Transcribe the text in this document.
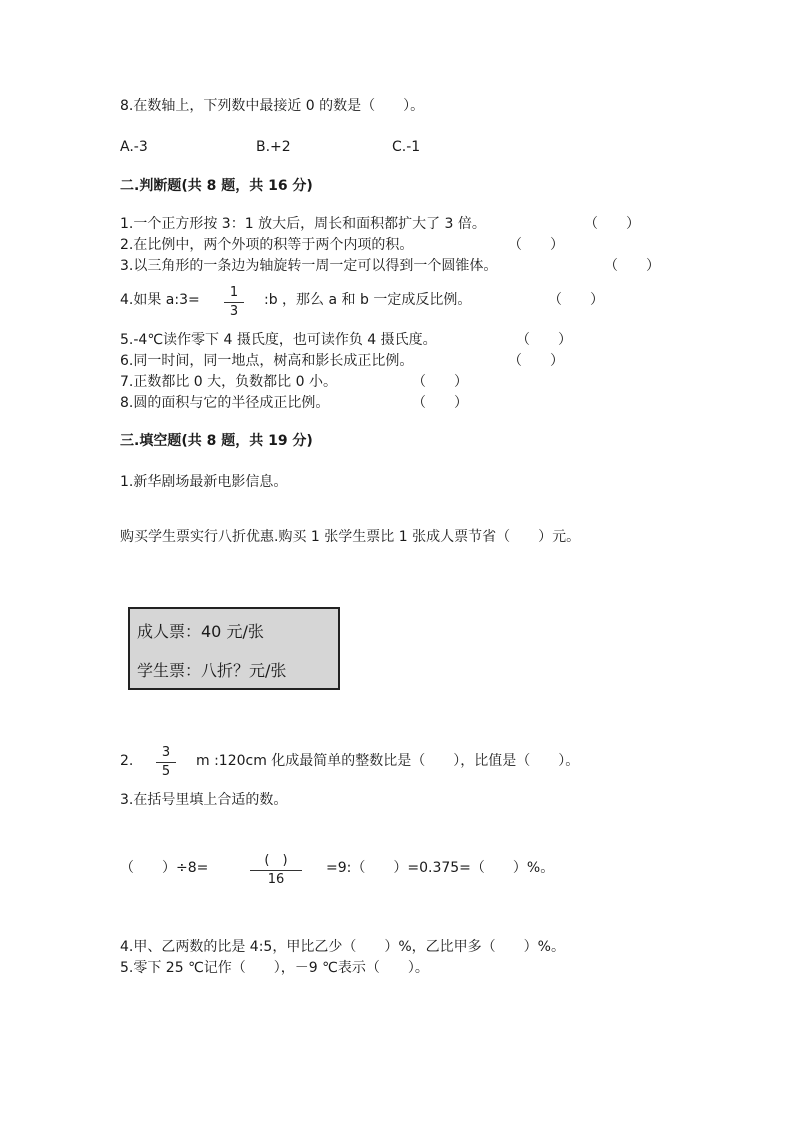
8.在数轴上，下列数中最接近 0 的数是（　　）。
A.-3	B.+2	C.-1
二.判断题(共 8 题，共 16 分)
1.一个正方形按 3：1 放大后，周长和面积都扩大了 3 倍。	（　　）
2.在比例中，两个外项的积等于两个内项的积。	（　　）
3.以三角形的一条边为轴旋转一周一定可以得到一个圆锥体。	（　　）
4.如果 a:3=	1
3
:b ，那么 a 和 b 一定成反比例。	（　　）
5.-4℃读作零下 4 摄氏度，也可读作负 4 摄氏度。	（　　）
6.同一时间，同一地点，树高和影长成正比例。	（　　）
7.正数都比 0 大，负数都比 0 小。	（　　）
8.圆的面积与它的半径成正比例。	（　　）
三.填空题(共 8 题，共 19 分)
1.新华剧场最新电影信息。
购买学生票实行八折优惠.购买 1 张学生票比 1 张成人票节省（　　）元。
成人票：40 元/张
学生票：八折？元/张
2.
3
5
m :120cm 化成最简单的整数比是（　　），比值是（　　）。
3.在括号里填上合适的数。
（　　）÷8=	(　)
16
=9:（　　）=0.375=（　　）%。
4.甲、乙两数的比是 4:5，甲比乙少（　　）%，乙比甲多（　　）%。
5.零下 25 ℃记作（　　），－9 ℃表示（　　）。
